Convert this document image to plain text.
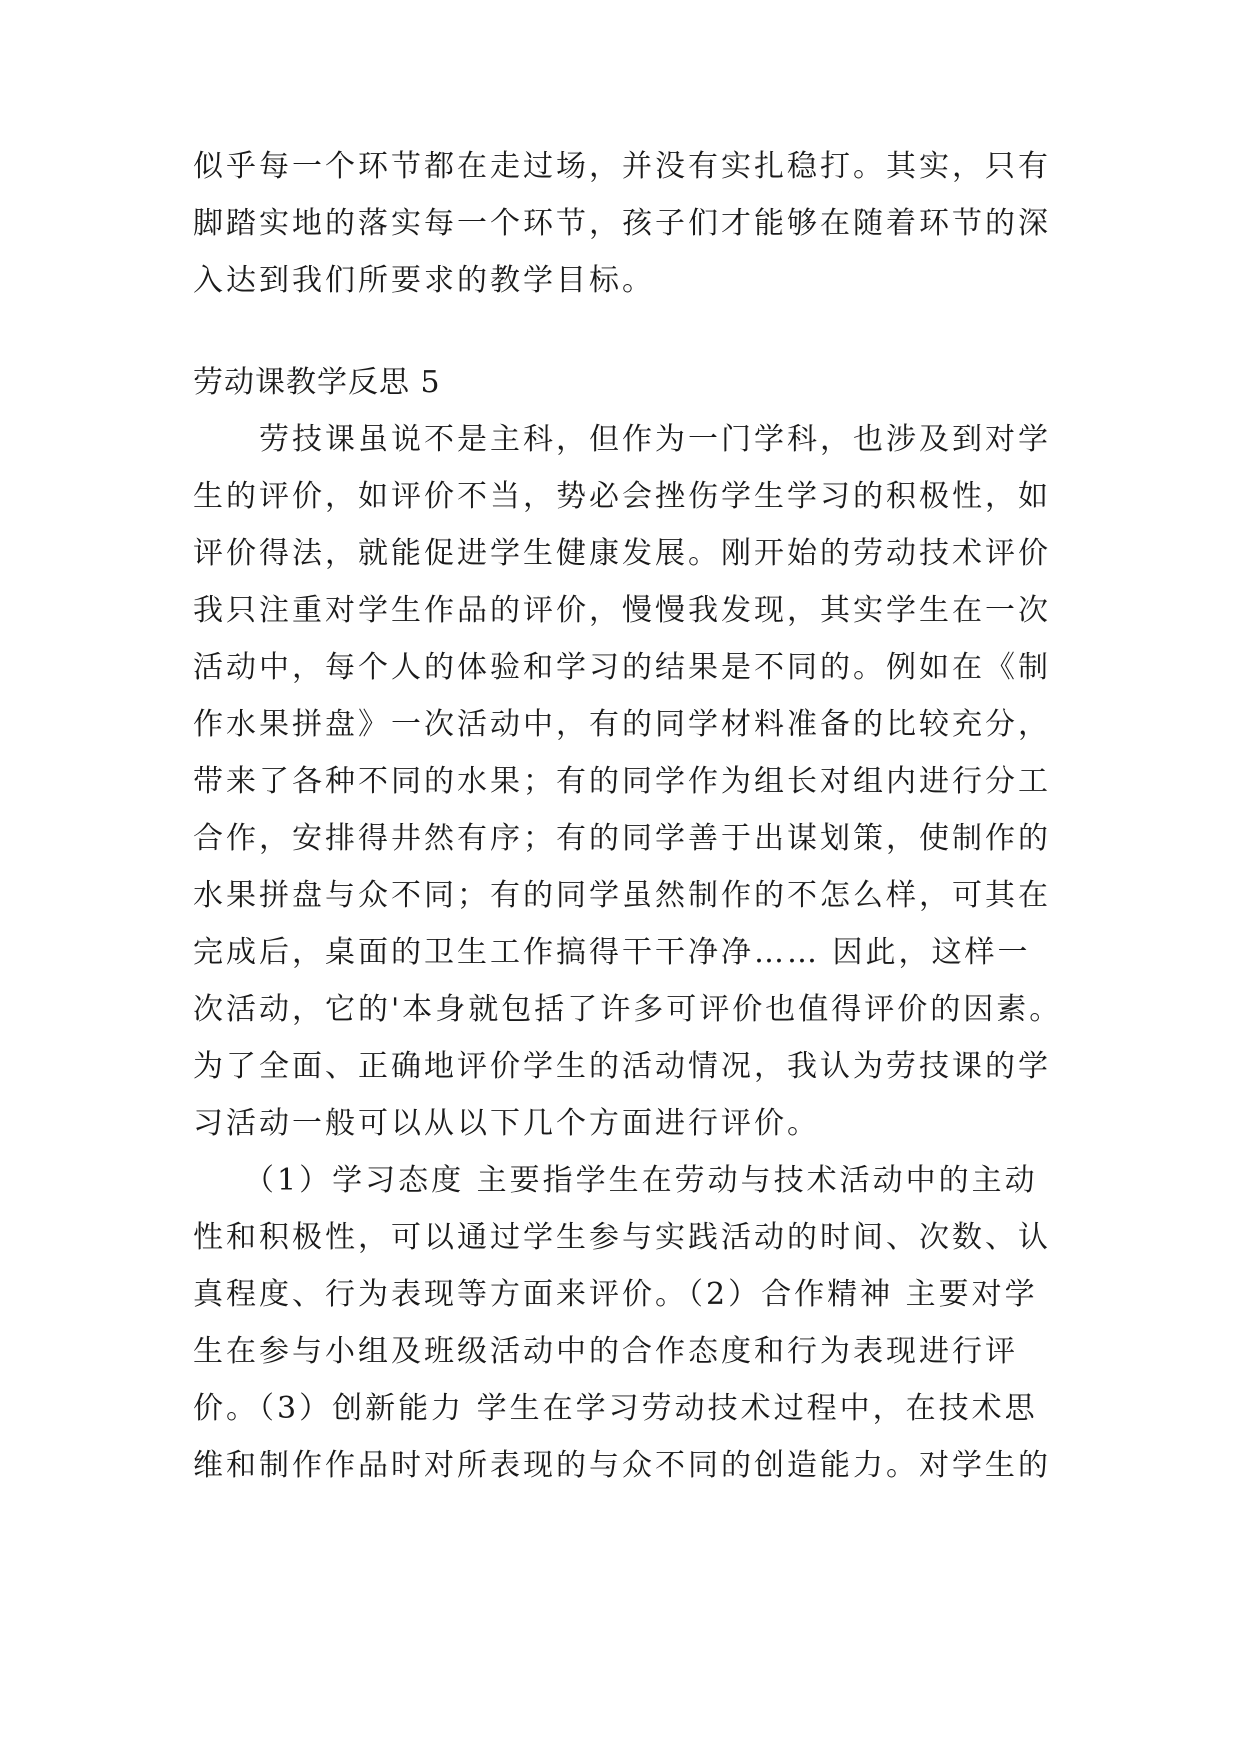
似乎每一个环节都在走过场，并没有实扎稳打。其实，只有
脚踏实地的落实每一个环节，孩子们才能够在随着环节的深
入达到我们所要求的教学目标。
劳动课教学反思 5
　　劳技课虽说不是主科，但作为一门学科，也涉及到对学
生的评价，如评价不当，势必会挫伤学生学习的积极性，如
评价得法，就能促进学生健康发展。刚开始的劳动技术评价
我只注重对学生作品的评价，慢慢我发现，其实学生在一次
活动中，每个人的体验和学习的结果是不同的。例如在《制
作水果拼盘》一次活动中，有的同学材料准备的比较充分，
带来了各种不同的水果；有的同学作为组长对组内进行分工
合作，安排得井然有序；有的同学善于出谋划策，使制作的
水果拼盘与众不同；有的同学虽然制作的不怎么样，可其在
完成后，桌面的卫生工作搞得干干净净…… 因此，这样一
次活动，它的'本身就包括了许多可评价也值得评价的因素。
为了全面、正确地评价学生的活动情况，我认为劳技课的学
习活动一般可以从以下几个方面进行评价。
　　（1）学习态度 主要指学生在劳动与技术活动中的主动
性和积极性，可以通过学生参与实践活动的时间、次数、认
真程度、行为表现等方面来评价。（2）合作精神 主要对学
生在参与小组及班级活动中的合作态度和行为表现进行评
价。（3）创新能力 学生在学习劳动技术过程中，在技术思
维和制作作品时对所表现的与众不同的创造能力。对学生的
